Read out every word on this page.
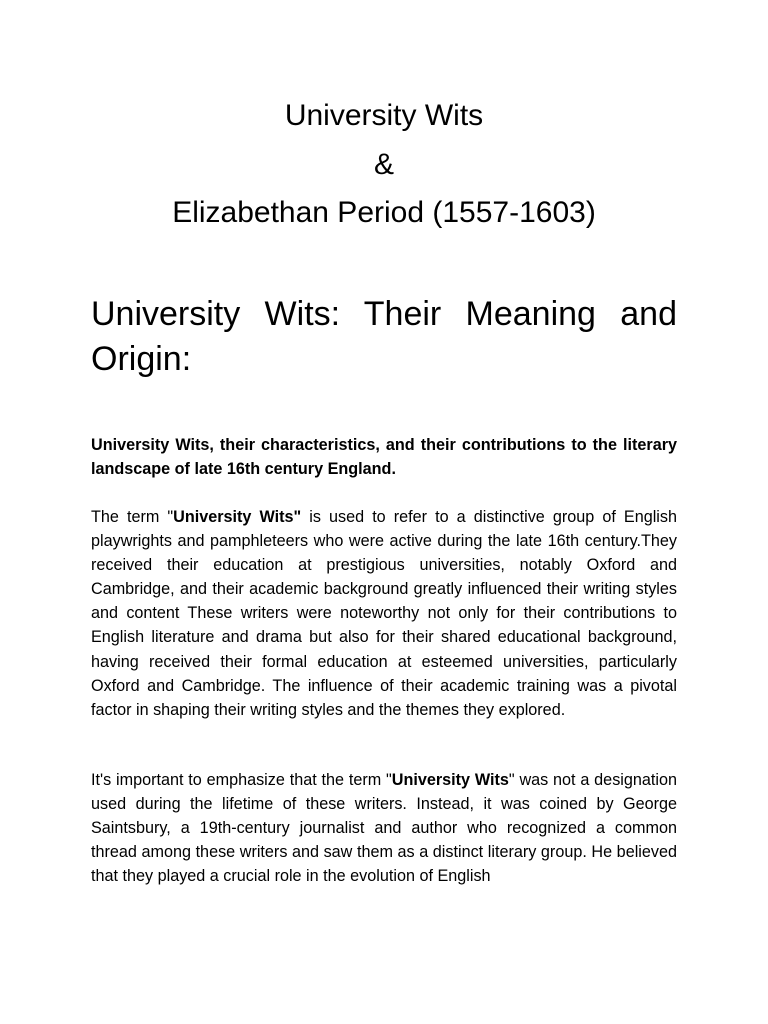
University Wits
&
Elizabethan Period (1557-1603)
University Wits: Their Meaning and Origin:

University Wits, their characteristics, and their contributions to the literary landscape of late 16th century England.

The term "University Wits" is used to refer to a distinctive group of English playwrights and pamphleteers who were active during the late 16th century.They received their education at prestigious universities, notably Oxford and Cambridge, and their academic background greatly influenced their writing styles and content These writers were noteworthy not only for their contributions to English literature and drama but also for their shared educational background, having received their formal education at esteemed universities, particularly Oxford and Cambridge. The influence of their academic training was a pivotal factor in shaping their writing styles and the themes they explored.

It's important to emphasize that the term "University Wits" was not a designation used during the lifetime of these writers. Instead, it was coined by George Saintsbury, a 19th-century journalist and author who recognized a common thread among these writers and saw them as a distinct literary group. He believed that they played a crucial role in the evolution of English
